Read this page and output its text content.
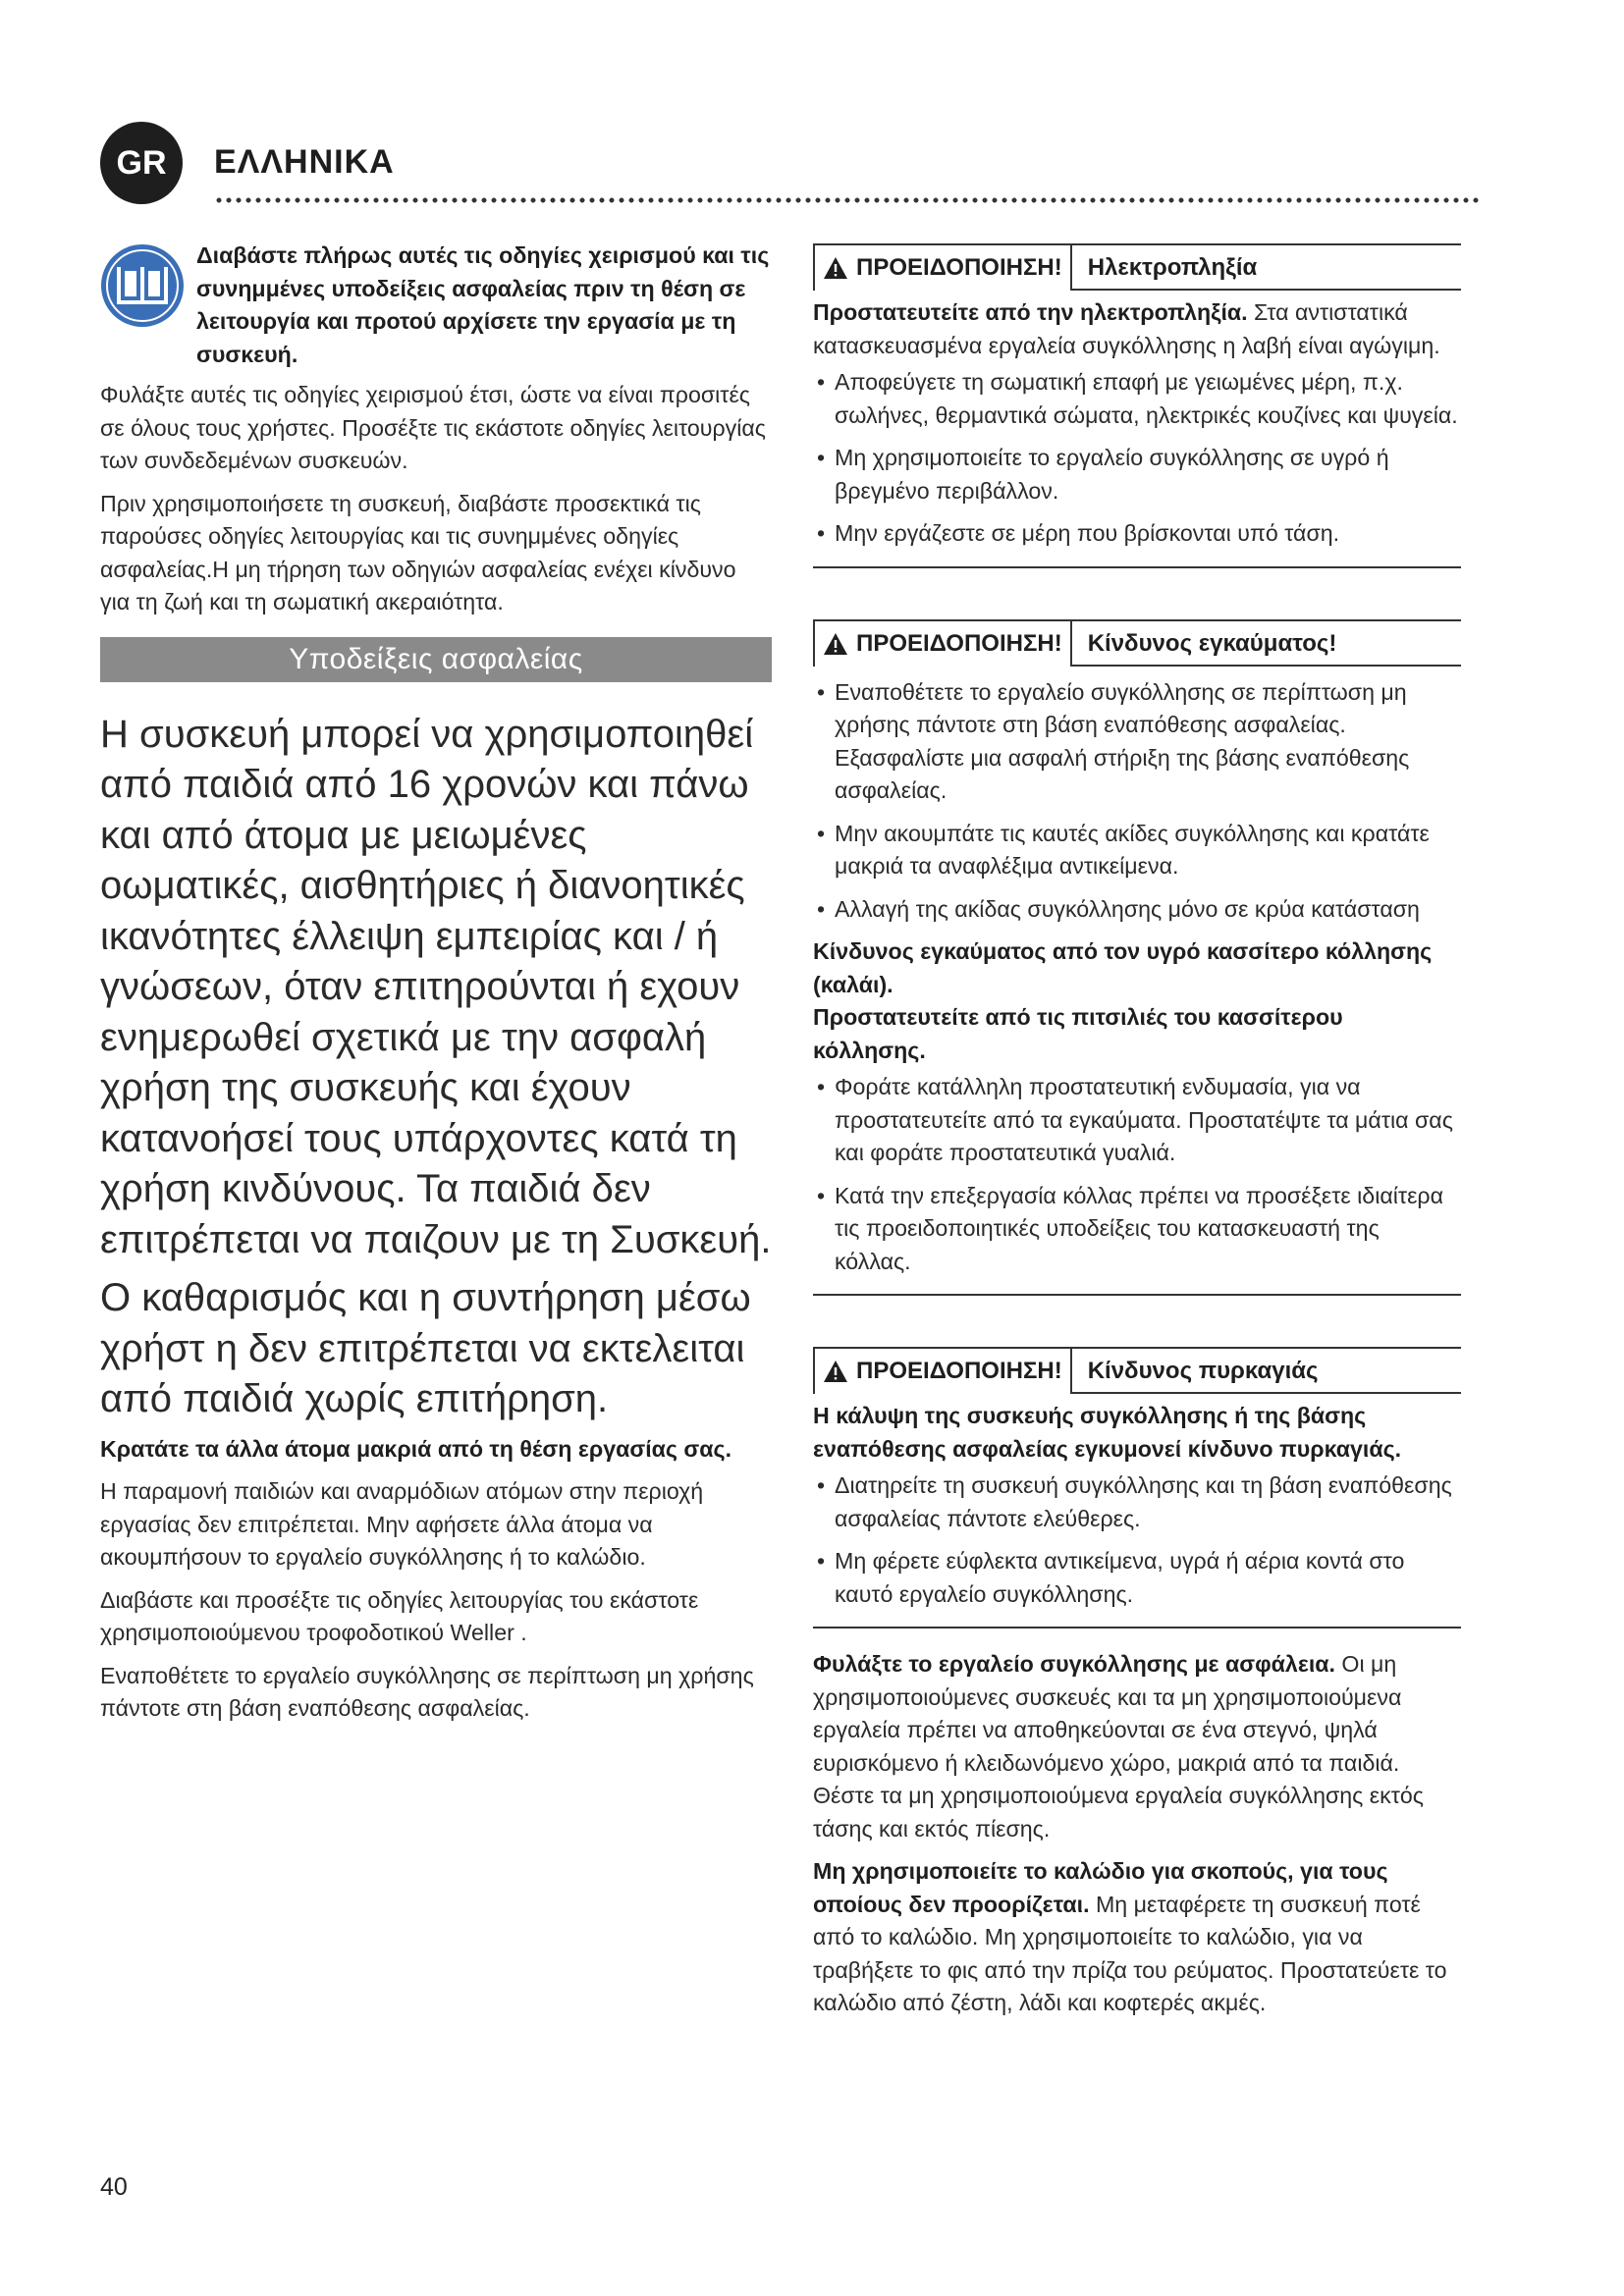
GR	ΕΛΛΗΝΙΚΑ

Διαβάστε πλήρως αυτές τις οδηγίες χειρισμού και τις συνημμένες υποδείξεις ασφαλείας πριν τη θέση σε λειτουργία και προτού αρχίσετε την εργασία με τη συσκευή.

Φυλάξτε αυτές τις οδηγίες χειρισμού έτσι, ώστε να είναι προσιτές σε όλους τους χρήστες. Προσέξτε τις εκάστοτε οδηγίες λειτουργίας των συνδεδεμένων συσκευών.

Πριν χρησιμοποιήσετε τη συσκευή, διαβάστε προσεκτικά τις παρούσες οδηγίες λειτουργίας και τις συνημμένες οδηγίες ασφαλείας.Η μη τήρηση των οδηγιών ασφαλείας ενέχει κίνδυνο για τη ζωή και τη σωματική ακεραιότητα.

Υποδείξεις ασφαλείας

Η συσκευή μπορεί να χρησιμοποιηθεί από παιδιά από 16 χρονών και πάνω και από άτομα με μειωμένες οωματικές, αισθητήριες ή διανοητικές ικανότητες έλλειψη εμπειρίας και / ή γνώσεων, όταν επιτηρούνται ή εχουν ενημερωθεί σχετικά με την ασφαλή χρήση της συσκευής και έχουν κατανοήσεί τους υπάρχοντες κατά τη χρήση κινδύνους. Τα παιδιά δεν επιτρέπεται να παιζουν με τη Συσκευή.

Ο καθαρισμός και η συντήρηση μέσω χρήστ η δεν επιτρέπεται να εκτελειται από παιδιά χωρίς επιτήρηση.

Κρατάτε τα άλλα άτομα μακριά από τη θέση εργασίας σας.

Η παραμονή παιδιών και αναρμόδιων ατόμων στην περιοχή εργασίας δεν επιτρέπεται. Μην αφήσετε άλλα άτομα να ακουμπήσουν το εργαλείο συγκόλλησης ή το καλώδιο.

Διαβάστε και προσέξτε τις οδηγίες λειτουργίας του εκάστοτε χρησιμοποιούμενου τροφοδοτικού Weller .

Εναποθέτετε το εργαλείο συγκόλλησης σε περίπτωση μη χρήσης πάντοτε στη βάση εναπόθεσης ασφαλείας.

ΠΡΟΕΙΔΟΠΟΙΗΣΗ!	Ηλεκτροπληξία

Προστατευτείτε από την ηλεκτροπληξία. Στα αντιστατικά κατασκευασμένα εργαλεία συγκόλλησης η λαβή είναι αγώγιμη.

• Αποφεύγετε τη σωματική επαφή με γειωμένες μέρη, π.χ. σωλήνες, θερμαντικά σώματα, ηλεκτρικές κουζίνες και ψυγεία.
• Μη χρησιμοποιείτε το εργαλείο συγκόλλησης σε υγρό ή βρεγμένο περιβάλλον.
• Μην εργάζεστε σε μέρη που βρίσκονται υπό τάση.
ΠΡΟΕΙΔΟΠΟΙΗΣΗ!	Κίνδυνος εγκαύματος!
• Εναποθέτετε το εργαλείο συγκόλλησης σε περίπτωση μη χρήσης πάντοτε στη βάση εναπόθεσης ασφαλείας. Εξασφαλίστε μια ασφαλή στήριξη της βάσης εναπόθεσης ασφαλείας.
• Μην ακουμπάτε τις καυτές ακίδες συγκόλλησης και κρατάτε μακριά τα αναφλέξιμα αντικείμενα.
• Αλλαγή της ακίδας συγκόλλησης μόνο σε κρύα κατάσταση

Κίνδυνος εγκαύματος από τον υγρό κασσίτερο κόλλησης (καλάι).

Προστατευτείτε από τις πιτσιλιές του κασσίτερου κόλλησης.

• Φοράτε κατάλληλη προστατευτική ενδυμασία, για να προστατευτείτε από τα εγκαύματα. Προστατέψτε τα μάτια σας και φοράτε προστατευτικά γυαλιά.
• Κατά την επεξεργασία κόλλας πρέπει να προσέξετε ιδιαίτερα τις προειδοποιητικές υποδείξεις του κατασκευαστή της κόλλας.
ΠΡΟΕΙΔΟΠΟΙΗΣΗ!	Κίνδυνος πυρκαγιάς

Η κάλυψη της συσκευής συγκόλλησης ή της βάσης εναπόθεσης ασφαλείας εγκυμονεί κίνδυνο πυρκαγιάς.

• Διατηρείτε τη συσκευή συγκόλλησης και τη βάση εναπόθεσης ασφαλείας πάντοτε ελεύθερες.
• Μη φέρετε εύφλεκτα αντικείμενα, υγρά ή αέρια κοντά στο καυτό εργαλείο συγκόλλησης.

Φυλάξτε το εργαλείο συγκόλλησης με ασφάλεια. Οι μη χρησιμοποιούμενες συσκευές και τα μη χρησιμοποιούμενα εργαλεία πρέπει να αποθηκεύονται σε ένα στεγνό, ψηλά ευρισκόμενο ή κλειδωνόμενο χώρο, μακριά από τα παιδιά. Θέστε τα μη χρησιμοποιούμενα εργαλεία συγκόλλησης εκτός τάσης και εκτός πίεσης.

Μη χρησιμοποιείτε το καλώδιο για σκοπούς, για τους οποίους δεν προορίζεται. Μη μεταφέρετε τη συσκευή ποτέ από το καλώδιο. Μη χρησιμοποιείτε το καλώδιο, για να τραβήξετε το φις από την πρίζα του ρεύματος. Προστατεύετε το καλώδιο από ζέστη, λάδι και κοφτερές ακμές.

40
